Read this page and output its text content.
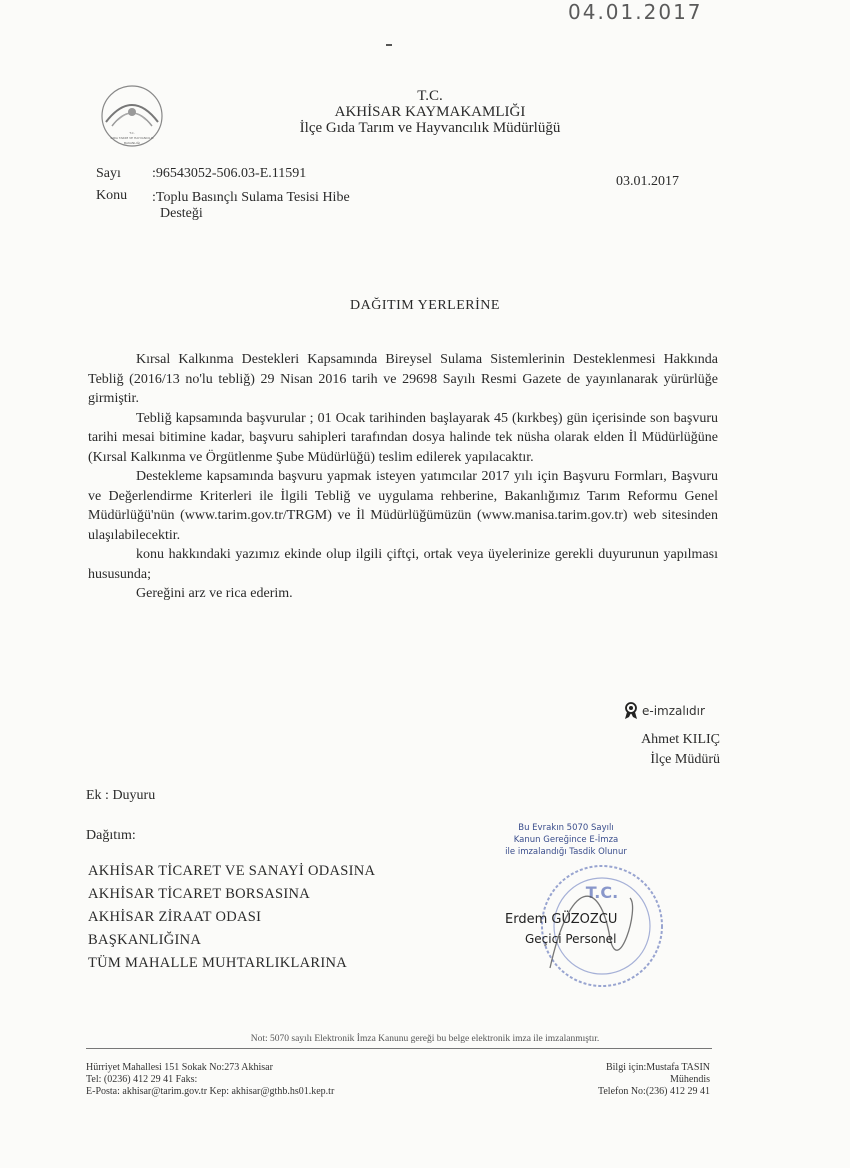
04.01.2017
T.C.
GIDA TARIM VE HAYVANCILIK
BAKANLIĞI
T.C.
AKHİSAR KAYMAKAMLIĞI
İlçe Gıda Tarım ve Hayvancılık Müdürlüğü
Sayı :96543052-506.03-E.11591
Konu :Toplu Basınçlı Sulama Tesisi Hibe
Desteği
03.01.2017
DAĞITIM YERLERİNE

Kırsal Kalkınma Destekleri Kapsamında Bireysel Sulama Sistemlerinin Desteklenmesi Hakkında Tebliğ (2016/13 no'lu tebliğ) 29 Nisan 2016 tarih ve 29698 Sayılı Resmi Gazete de yayınlanarak yürürlüğe girmiştir.

Tebliğ kapsamında başvurular ; 01 Ocak tarihinden başlayarak 45 (kırkbeş) gün içerisinde son başvuru tarihi mesai bitimine kadar, başvuru sahipleri tarafından dosya halinde tek nüsha olarak elden İl Müdürlüğüne (Kırsal Kalkınma ve Örgütlenme Şube Müdürlüğü) teslim edilerek yapılacaktır.

Destekleme kapsamında başvuru yapmak isteyen yatımcılar 2017 yılı için Başvuru Formları, Başvuru ve Değerlendirme Kriterleri ile İlgili Tebliğ ve uygulama rehberine, Bakanlığımız Tarım Reformu Genel Müdürlüğü'nün (www.tarim.gov.tr/TRGM) ve İl Müdürlüğümüzün (www.manisa.tarim.gov.tr) web sitesinden ulaşılabilecektir.

konu hakkındaki yazımız ekinde olup ilgili çiftçi, ortak veya üyelerinize gerekli duyurunun yapılması hususunda;

Gereğini arz ve rica ederim.

e-imzalıdır
Ahmet KILIÇ
İlçe Müdürü
Ek : Duyuru
Dağıtım:
AKHİSAR TİCARET VE SANAYİ ODASINA
AKHİSAR TİCARET BORSASINA
AKHİSAR ZİRAAT ODASI
BAŞKANLIĞINA
TÜM MAHALLE MUHTARLIKLARINA
T.C.
Bu Evrakın 5070 Sayılı
Kanun Gereğince E-İmza
ile imzalandığı Tasdik Olunur
Erdem GÜZOZCU
Geçici Personel
Not: 5070 sayılı Elektronik İmza Kanunu gereği bu belge elektronik imza ile imzalanmıştır.
Hürriyet Mahallesi 151 Sokak No:273 Akhisar
Tel: (0236) 412 29 41 Faks:
E-Posta: akhisar@tarim.gov.tr Kep: akhisar@gthb.hs01.kep.tr
Bilgi için:Mustafa TASIN
Mühendis
Telefon No:(236) 412 29 41
